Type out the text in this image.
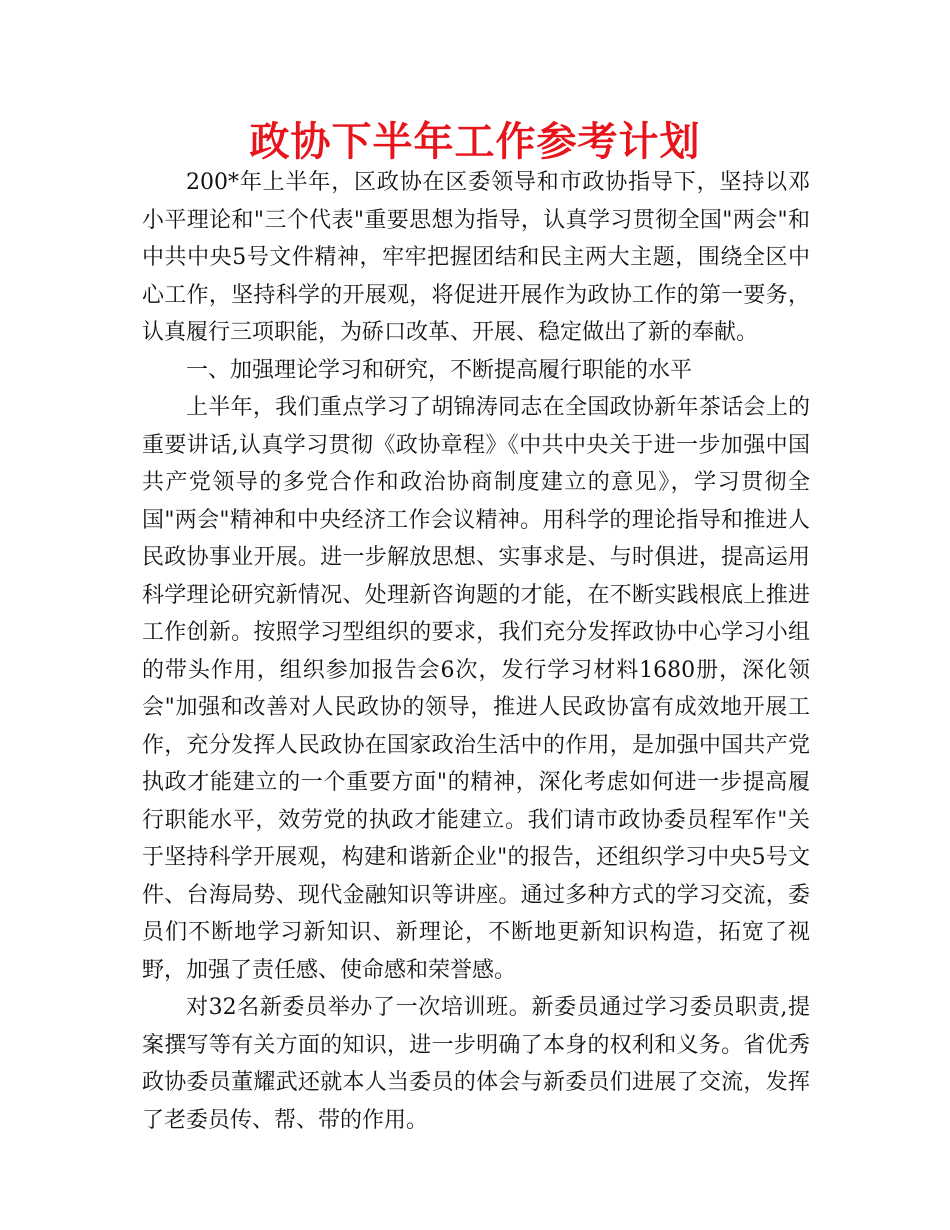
政协下半年工作参考计划

200*年上半年，区政协在区委领导和市政协指导下，坚持以邓小平理论和"三个代表"重要思想为指导，认真学习贯彻全国"两会"和中共中央5号文件精神，牢牢把握团结和民主两大主题，围绕全区中心工作，坚持科学的开展观，将促进开展作为政协工作的第一要务，认真履行三项职能，为硚口改革、开展、稳定做出了新的奉献。

一、加强理论学习和研究，不断提高履行职能的水平

上半年，我们重点学习了胡锦涛同志在全国政协新年茶话会上的重要讲话,认真学习贯彻《政协章程》《中共中央关于进一步加强中国共产党领导的多党合作和政治协商制度建立的意见》，学习贯彻全国"两会"精神和中央经济工作会议精神。用科学的理论指导和推进人民政协事业开展。进一步解放思想、实事求是、与时俱进，提高运用科学理论研究新情况、处理新咨询题的才能，在不断实践根底上推进工作创新。按照学习型组织的要求，我们充分发挥政协中心学习小组的带头作用，组织参加报告会6次，发行学习材料1680册，深化领会"加强和改善对人民政协的领导，推进人民政协富有成效地开展工作，充分发挥人民政协在国家政治生活中的作用，是加强中国共产党执政才能建立的一个重要方面"的精神，深化考虑如何进一步提高履行职能水平，效劳党的执政才能建立。我们请市政协委员程军作"关于坚持科学开展观，构建和谐新企业"的报告，还组织学习中央5号文件、台海局势、现代金融知识等讲座。通过多种方式的学习交流，委员们不断地学习新知识、新理论，不断地更新知识构造，拓宽了视野，加强了责任感、使命感和荣誉感。

对32名新委员举办了一次培训班。新委员通过学习委员职责,提案撰写等有关方面的知识，进一步明确了本身的权利和义务。省优秀政协委员董耀武还就本人当委员的体会与新委员们进展了交流，发挥了老委员传、帮、带的作用。
